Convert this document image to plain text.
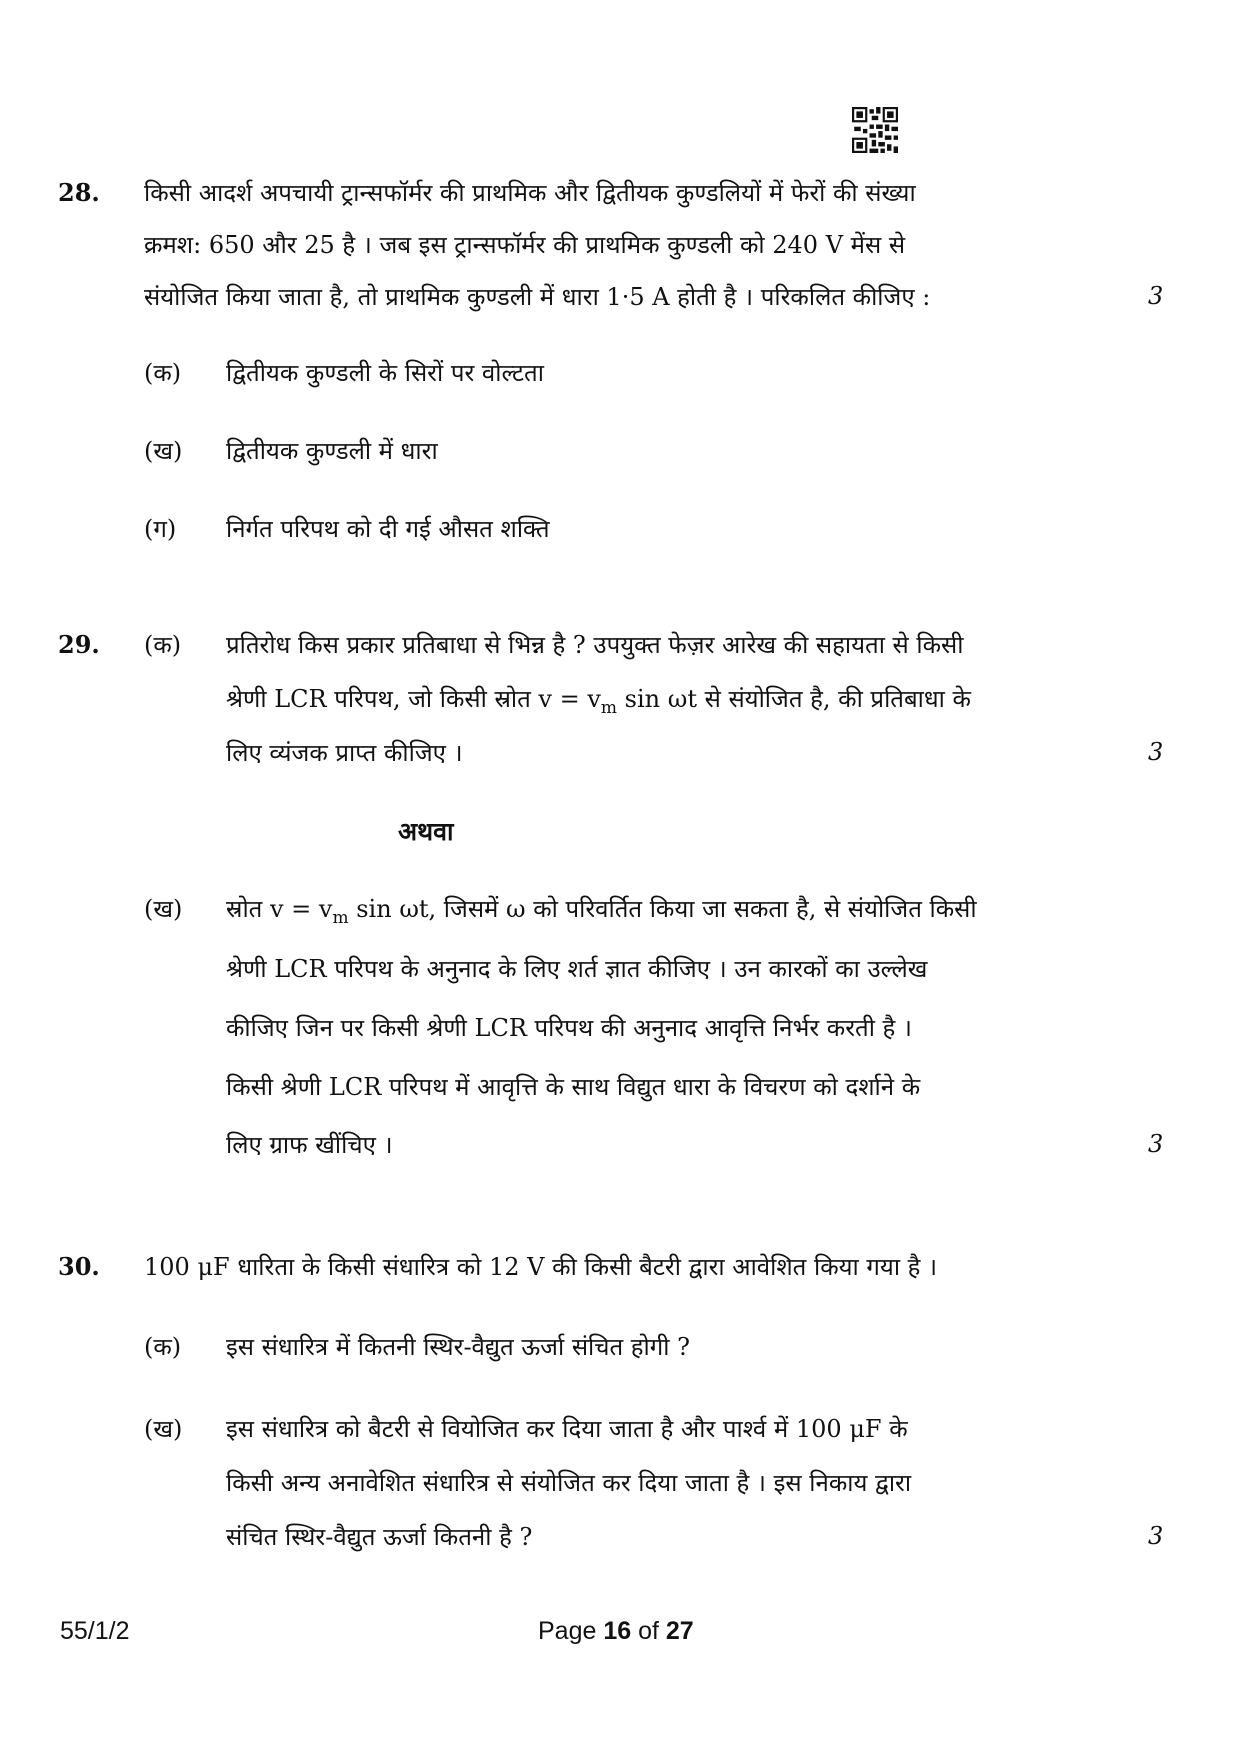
28. किसी आदर्श अपचायी ट्रान्सफॉर्मर की प्राथमिक और द्वितीयक कुण्डलियों में फेरों की संख्या
क्रमश: 650 और 25 है । जब इस ट्रान्सफॉर्मर की प्राथमिक कुण्डली को 240 V मेंस से
संयोजित किया जाता है, तो प्राथमिक कुण्डली में धारा 1·5 A होती है । परिकलित कीजिए :	3
(क) द्वितीयक कुण्डली के सिरों पर वोल्टता
(ख) द्वितीयक कुण्डली में धारा
(ग) निर्गत परिपथ को दी गई औसत शक्ति
29. (क) प्रतिरोध किस प्रकार प्रतिबाधा से भिन्न है ? उपयुक्त फेज़र आरेख की सहायता से किसी
श्रेणी LCR परिपथ, जो किसी स्रोत $v = v_m$ sin ωt से संयोजित है, की प्रतिबाधा के
लिए व्यंजक प्राप्त कीजिए ।	3
अथवा
(ख) स्रोत $v = v_m$ sin ωt, जिसमें ω को परिवर्तित किया जा सकता है, से संयोजित किसी
श्रेणी LCR परिपथ के अनुनाद के लिए शर्त ज्ञात कीजिए । उन कारकों का उल्लेख
कीजिए जिन पर किसी श्रेणी LCR परिपथ की अनुनाद आवृत्ति निर्भर करती है ।
किसी श्रेणी LCR परिपथ में आवृत्ति के साथ विद्युत धारा के विचरण को दर्शाने के
लिए ग्राफ खींचिए ।	3
30. 100 μF धारिता के किसी संधारित्र को 12 V की किसी बैटरी द्वारा आवेशित किया गया है ।
(क) इस संधारित्र में कितनी स्थिर-वैद्युत ऊर्जा संचित होगी ?
(ख) इस संधारित्र को बैटरी से वियोजित कर दिया जाता है और पार्श्व में 100 μF के
किसी अन्य अनावेशित संधारित्र से संयोजित कर दिया जाता है । इस निकाय द्वारा
संचित स्थिर-वैद्युत ऊर्जा कितनी है ?	3
55/1/2	Page 16 of 27
